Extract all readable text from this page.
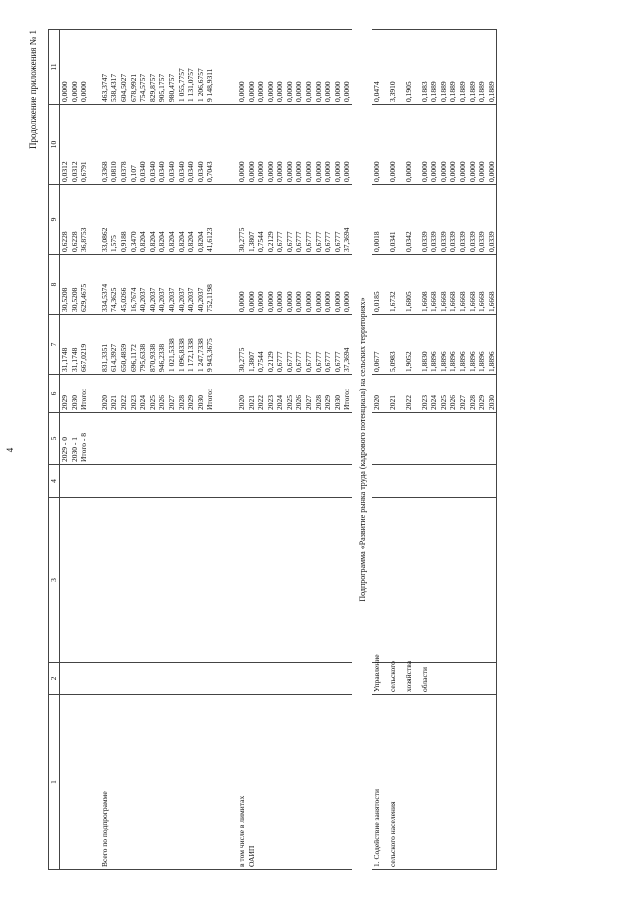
4
Продолжение приложения № 1
1	2	3	4	5	6	7	8	9	10	11
				2029 - 0	2029	31,1748	30,5208	0,6228	0,0312	0,0000
				2030 - 1	2030	31,1748	30,5208	0,6228	0,0312	0,0000
				Итого - 8	Итого:	667,0219	629,4675	36,8753	0,6791	0,0000

Всего по подпрограмме					2020	831,3351	334,5374	33,0862	0,3368	463,3747
					2021	614,3927	74,3625	1,575	0,0810	538,4317
					2022	650,4859	45,0266	0,9188	0,0378	604,5027
					2023	696,1172	16,7674	0,3470	0,107	678,9921
					2024	795,6338	40,2037	0,8204	0,0340	754,5757
					2025	870,9338	40,2037	0,8204	0,0340	829,8757
					2026	946,2338	40,2037	0,8204	0,0340	905,1757
					2027	1 021,5338	40,2037	0,8204	0,0340	980,4757
					2028	1 096,8338	40,2037	0,8204	0,0340	1 055,7757
					2029	1 172,1338	40,2037	0,8204	0,0340	1 131,0757
					2030	1 247,7338	40,2037	0,8204	0,0340	1 206,6757
					Итого:	9 943,3675	752,1198	41,6123	0,7043	9 148,9311

в том числе в лимитах					2020	30,2775	0,0000	30,2775	0,0000	0,0000
ОАИП					2021	1,3807	0,0000	1,3807	0,0000	0,0000
					2022	0,7544	0,0000	0,7544	0,0000	0,0000
					2023	0,2129	0,0000	0,2129	0,0000	0,0000
					2024	0,6777	0,0000	0,6777	0,0000	0,0000
					2025	0,6777	0,0000	0,6777	0,0000	0,0000
					2026	0,6777	0,0000	0,6777	0,0000	0,0000
					2027	0,6777	0,0000	0,6777	0,0000	0,0000
					2028	0,6777	0,0000	0,6777	0,0000	0,0000
					2029	0,6777	0,0000	0,6777	0,0000	0,0000
					2030	0,6777	0,0000	0,6777	0,0000	0,0000
					Итого:	37,3694	0,0000	37,3694	0,0000	0,0000
Подпрограмма «Развитие рынка труда (кадрового потенциала) на сельских территориях»										
1. Содействие занятости	Управление				2020	0,0677	0,0185	0,0018	0,0000	0,0474
сельского населения	сельского				2021	5,0983	1,6732	0,0341	0,0000	3,3910
	хозяйства				2022	1,9052	1,6805	0,0342	0,0000	0,1905
	области				2023	1,8830	1,6608	0,0339	0,0000	0,1883
					2024	1,8896	1,6668	0,0339	0,0000	0,1889
					2025	1,8896	1,6668	0,0339	0,0000	0,1889
					2026	1,8896	1,6668	0,0339	0,0000	0,1889
					2027	1,8896	1,6668	0,0339	0,0000	0,1889
					2028	1,8896	1,6668	0,0339	0,0000	0,1889
					2029	1,8896	1,6668	0,0339	0,0000	0,1889
					2030	1,8896	1,6668	0,0339	0,0000	0,1889
